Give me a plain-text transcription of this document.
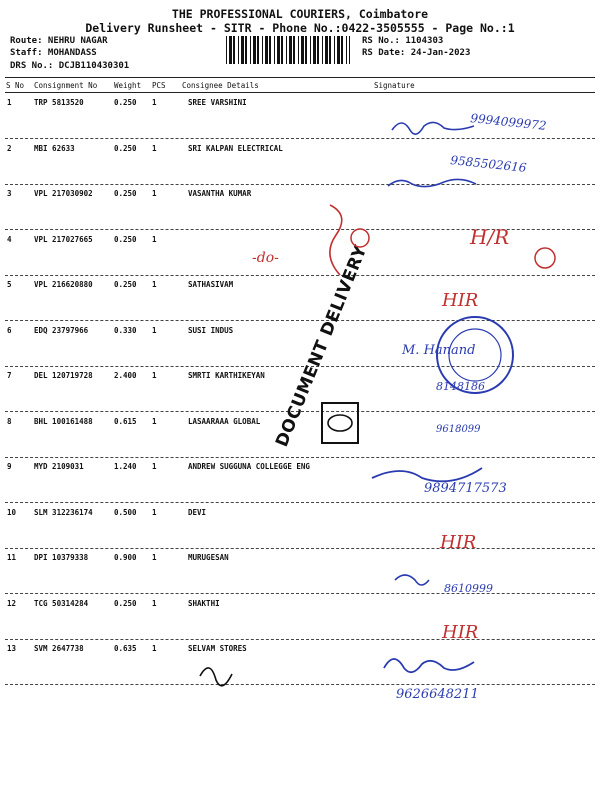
THE PROFESSIONAL COURIERS, Coimbatore
Delivery Runsheet - SITR - Phone No.:0422-3505555 - Page No.:1
Route: NEHRU NAGAR
Staff: MOHANDASS
DRS No.: DCJB110430301
RS No.: 1104303
RS Date: 24-Jan-2023
S No Consignment No Weight PCS Consignee Details	Signature
1	TRP 5813520	0.250 1	SREE VARSHINI
2	MBI 62633	0.250 1	SRI KALPAN ELECTRICAL
3	VPL 217030902	0.250 1	VASANTHA KUMAR
4	VPL 217027665	0.250 1
5	VPL 216620880	0.250 1	SATHASIVAM
6	EDQ 23797966	0.330 1	SUSI INDUS
7	DEL 120719728	2.400 1	SMRTI KARTHIKEYAN
8	BHL 100161488	0.615 1	LASAARAAA GLOBAL
9	MYD 2109031	1.240 1	ANDREW SUGGUNA COLLEGGE ENG
10 SLM 312236174	0.500 1	DEVI
11 DPI 10379338	0.900 1	MURUGESAN
12 TCG 50314284	0.250 1	SHAKTHI
13 SVM 2647738	0.635 1	SELVAM STORES
DOCUMENT DELIVERY
9994099972
9585502616
-do-
H/R
HIR
M. Hanand
8148186
9618099
9894717573
HIR
8610999
HIR
9626648211
